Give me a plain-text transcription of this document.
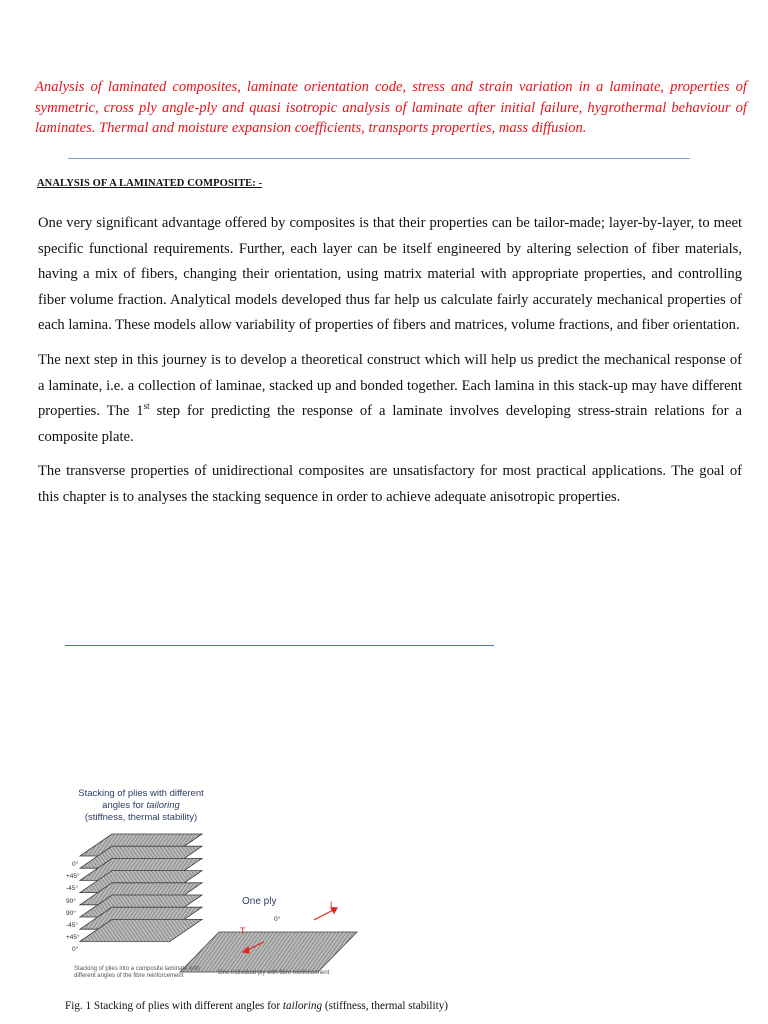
Analysis of laminated composites, laminate orientation code, stress and strain variation in a laminate, properties of symmetric, cross ply angle-ply and quasi isotropic analysis of laminate after initial failure, hygrothermal behaviour of laminates. Thermal and moisture expansion coefficients, transports properties, mass diffusion.
ANALYSIS OF A LAMINATED COMPOSITE: -

One very significant advantage offered by composites is that their properties can be tailor-made; layer-by-layer, to meet specific functional requirements. Further, each layer can be itself engineered by altering selection of fiber materials, having a mix of fibers, changing their orientation, using matrix material with appropriate properties, and controlling fiber volume fraction. Analytical models developed thus far help us calculate fairly accurately mechanical properties of each lamina. These models allow variability of properties of fibers and matrices, volume fractions, and fiber orientation.

The next step in this journey is to develop a theoretical construct which will help us predict the mechanical response of a laminate, i.e. a collection of laminae, stacked up and bonded together. Each lamina in this stack-up may have different properties. The 1st step for predicting the response of a laminate involves developing stress-strain relations for a composite plate.

The transverse properties of unidirectional composites are unsatisfactory for most practical applications. The goal of this chapter is to analyses the stacking sequence in order to achieve adequate anisotropic properties.

Stacking of plies with different
angles for tailoring
(stiffness, thermal stability)
0°
+45°
-45°
90°
90°
-45°
+45°
0°
Stacking of plies into a composite laminate with
different angles of the fibre reinforcement
One ply
0°
L
T
One individual ply with fibre reinforcement
Fig. 1 Stacking of plies with different angles for tailoring (stiffness, thermal stability)
